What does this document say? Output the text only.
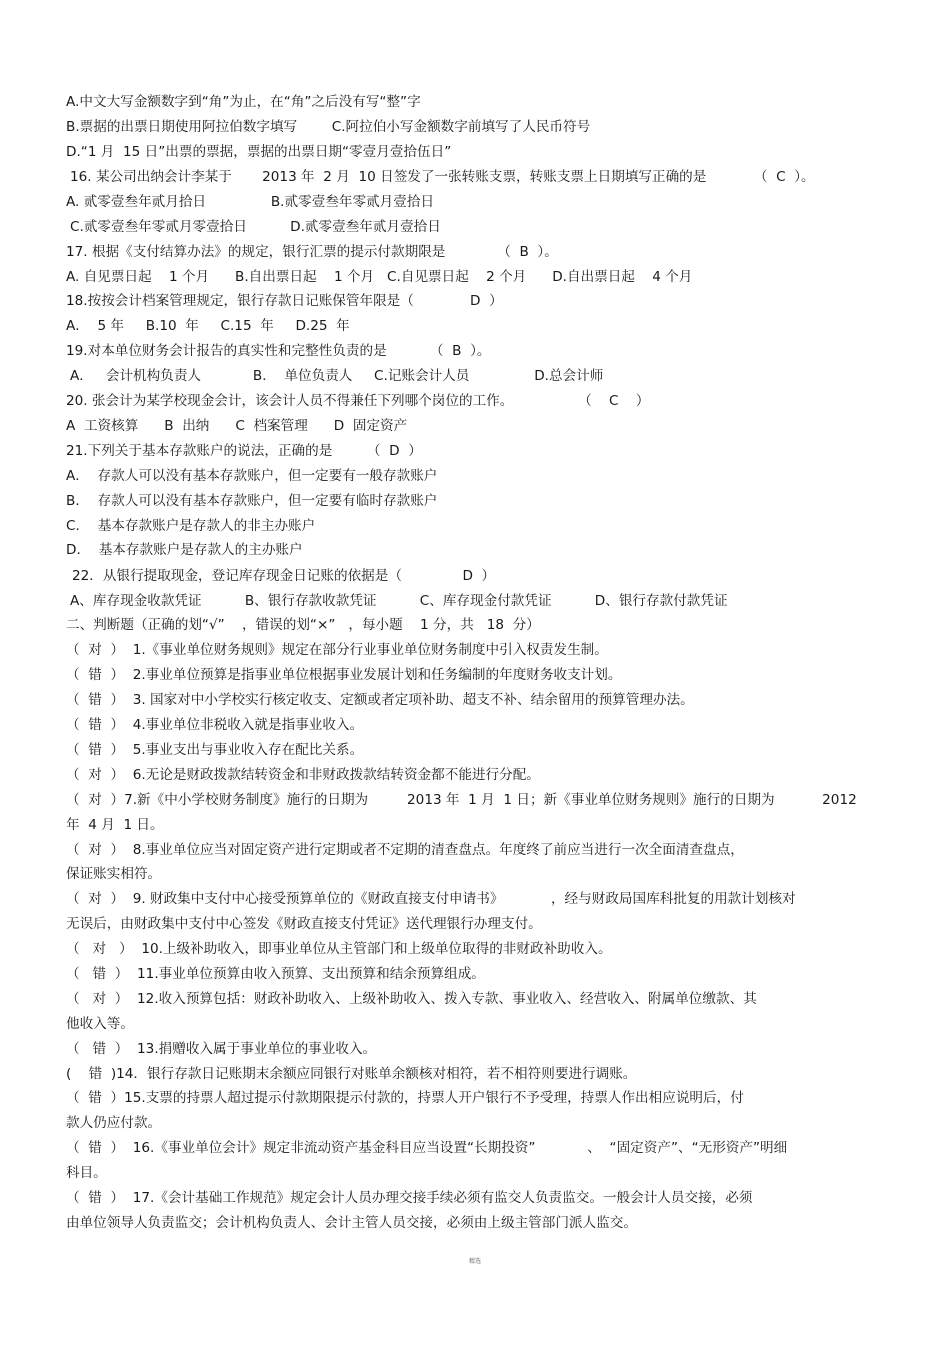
A.中文大写金额数字到“角”为止，在“角”之后没有写“整”字
B.票据的出票日期使用阿拉伯数字填写        C.阿拉伯小写金额数字前填写了人民币符号
D.“1 月  15 日”出票的票据，票据的出票日期“零壹月壹拾伍日”
16. 某公司出纳会计李某于       2013 年  2 月  10 日签发了一张转账支票，转账支票上日期填写正确的是           （  C  ）。
A. 贰零壹叁年贰月拾日               B.贰零壹叁年零贰月壹拾日
C.贰零壹叁年零贰月零壹拾日          D.贰零壹叁年贰月壹拾日
17. 根据《支付结算办法》的规定，银行汇票的提示付款期限是            （  B  ）。
A. 自见票日起    1 个月      B.自出票日起    1 个月   C.自见票日起    2 个月      D.自出票日起    4 个月
18.按按会计档案管理规定，银行存款日记账保管年限是（             D  ）
A．  5 年     B.10  年     C.15  年     D.25  年
19.对本单位财务会计报告的真实性和完整性负责的是          （  B  ）。
A．   会计机构负责人            B．  单位负责人     C.记账会计人员               D.总会计师
20. 张会计为某学校现金会计，该会计人员不得兼任下列哪个岗位的工作。               （    C    ）
A  工资核算      B  出纳      C  档案管理      D  固定资产
21.下列关于基本存款账户的说法，正确的是        （  D  ）
A．  存款人可以没有基本存款账户，但一定要有一般存款账户
B．  存款人可以没有基本存款账户，但一定要有临时存款账户
C．  基本存款账户是存款人的非主办账户
D．  基本存款账户是存款人的主办账户
22．从银行提取现金，登记库存现金日记账的依据是（              D  ）
A、库存现金收款凭证          B、银行存款收款凭证          C、库存现金付款凭证          D、银行存款付款凭证
二、判断题（正确的划“√”    ，错误的划“×”   ，每小题    1 分，共   18  分）
（  对  ）  1.《事业单位财务规则》规定在部分行业事业单位财务制度中引入权责发生制。
（  错  ）  2.事业单位预算是指事业单位根据事业发展计划和任务编制的年度财务收支计划。
（  错  ）  3. 国家对中小学校实行核定收支、定额或者定项补助、超支不补、结余留用的预算管理办法。
（  错  ）  4.事业单位非税收入就是指事业收入。
（  错  ）  5.事业支出与事业收入存在配比关系。
（  对  ）  6.无论是财政拨款结转资金和非财政拨款结转资金都不能进行分配。
（  对  ）7.新《中小学校财务制度》施行的日期为         2013 年  1 月  1 日；新《事业单位财务规则》施行的日期为           2012
年  4 月  1 日。
（  对  ）  8.事业单位应当对固定资产进行定期或者不定期的清查盘点。年度终了前应当进行一次全面清查盘点，
保证账实相符。
（  对  ）  9. 财政集中支付中心接受预算单位的《财政直接支付申请书》           ，经与财政局国库科批复的用款计划核对
无误后，由财政集中支付中心签发《财政直接支付凭证》送代理银行办理支付。
（   对   ）  10.上级补助收入，即事业单位从主管部门和上级单位取得的非财政补助收入。
（   错  ）  11.事业单位预算由收入预算、支出预算和结余预算组成。
（   对  ）  12.收入预算包括：财政补助收入、上级补助收入、拨入专款、事业收入、经营收入、附属单位缴款、其
他收入等。
（   错  ）  13.捐赠收入属于事业单位的事业收入。
(    错  )14．银行存款日记账期末余额应同银行对账单余额核对相符，若不相符则要进行调账。
（  错  ）15.支票的持票人超过提示付款期限提示付款的，持票人开户银行不予受理，持票人作出相应说明后，付
款人仍应付款。
（  错  ）  16.《事业单位会计》规定非流动资产基金科目应当设置“长期投资”            、  “固定资产”、“无形资产”明细
科目。
（  错  ）  17.《会计基础工作规范》规定会计人员办理交接手续必须有监交人负责监交。一般会计人员交接，必须
由单位领导人负责监交；会计机构负责人、会计主管人员交接，必须由上级主管部门派人监交。
精选
